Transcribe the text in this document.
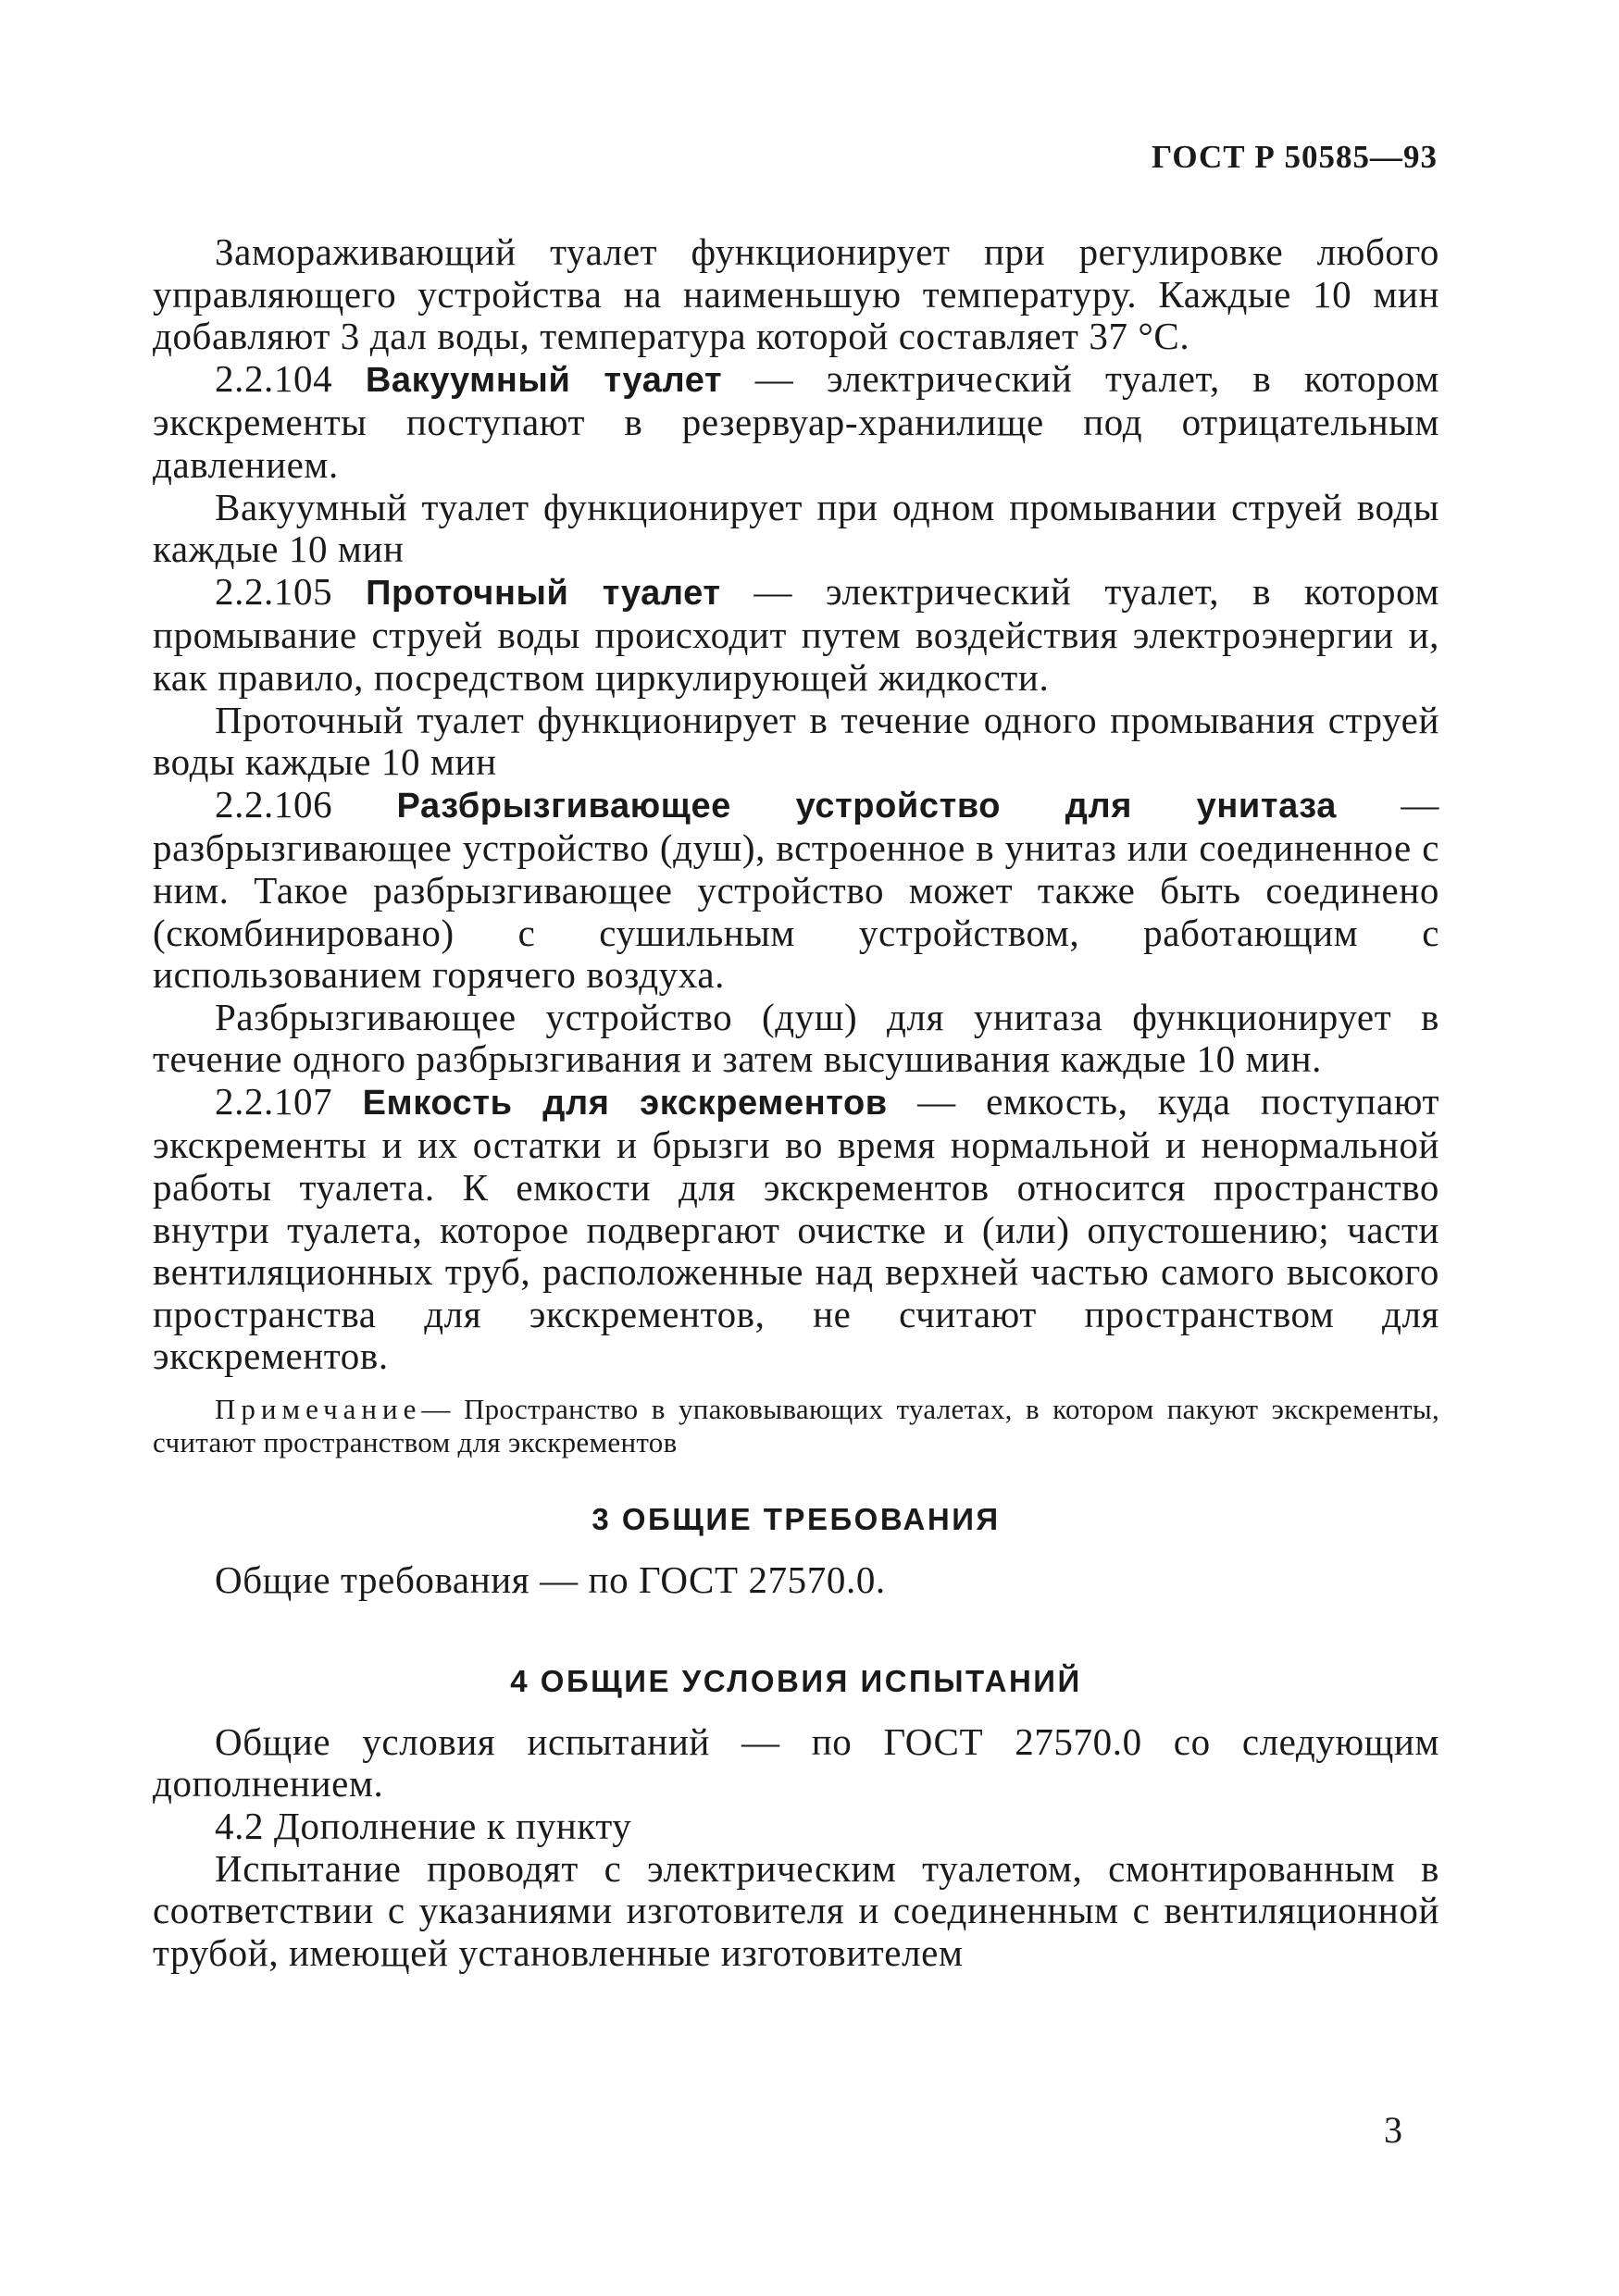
ГОСТ Р 50585—93

Замораживающий туалет функционирует при регулировке любого управляющего устройства на наименьшую температуру. Каждые 10 мин добавляют 3 дал воды, температура которой составляет 37 °С.

2.2.104 Вакуумный туалет — электрический туалет, в котором экскременты поступают в резервуар-хранилище под отрицательным давлением.

Вакуумный туалет функционирует при одном промывании струей воды каждые 10 мин

2.2.105 Проточный туалет — электрический туалет, в котором промывание струей воды происходит путем воздействия электроэнергии и, как правило, посредством циркулирующей жидкости.

Проточный туалет функционирует в течение одного промывания струей воды каждые 10 мин

2.2.106 Разбрызгивающее устройство для унитаза — разбрызгивающее устройство (душ), встроенное в унитаз или соединенное с ним. Такое разбрызгивающее устройство может также быть соединено (скомбинировано) с сушильным устройством, работающим с использованием горячего воздуха.

Разбрызгивающее устройство (душ) для унитаза функционирует в течение одного разбрызгивания и затем высушивания каждые 10 мин.

2.2.107 Емкость для экскрементов — емкость, куда поступают экскременты и их остатки и брызги во время нормальной и ненормальной работы туалета. К емкости для экскрементов относится пространство внутри туалета, которое подвергают очистке и (или) опустошению; части вентиляционных труб, расположенные над верхней частью самого высокого пространства для экскрементов, не считают пространством для экскрементов.

Примечание— Пространство в упаковывающих туалетах, в котором пакуют экскременты, считают пространством для экскрементов

3 ОБЩИЕ ТРЕБОВАНИЯ

Общие требования — по ГОСТ 27570.0.

4 ОБЩИЕ УСЛОВИЯ ИСПЫТАНИЙ

Общие условия испытаний — по ГОСТ 27570.0 со следующим дополнением.

4.2 Дополнение к пункту

Испытание проводят с электрическим туалетом, смонтированным в соответствии с указаниями изготовителя и соединенным с вентиляционной трубой, имеющей установленные изготовителем

3
